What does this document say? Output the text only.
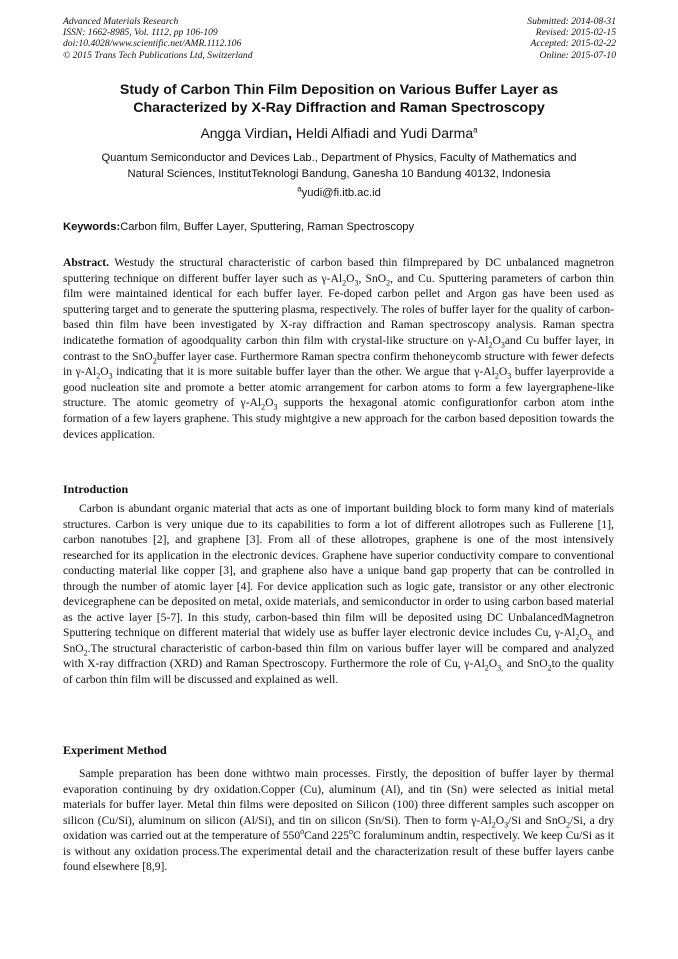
Advanced Materials Research
ISSN: 1662-8985, Vol. 1112, pp 106-109
doi:10.4028/www.scientific.net/AMR.1112.106
© 2015 Trans Tech Publications Ltd, Switzerland
Submitted: 2014-08-31
Revised: 2015-02-15
Accepted: 2015-02-22
Online: 2015-07-10
Study of Carbon Thin Film Deposition on Various Buffer Layer as
Characterized by X-Ray Diffraction and Raman Spectroscopy
Angga Virdian, Heldi Alfiadi and Yudi Darma$^a$
Quantum Semiconductor and Devices Lab., Department of Physics, Faculty of Mathematics and
Natural Sciences, InstitutTeknologi Bandung, Ganesha 10 Bandung 40132, Indonesia
$^a$yudi@fi.itb.ac.id
Keywords:Carbon film, Buffer Layer, Sputtering, Raman Spectroscopy
Abstract. Westudy the structural characteristic of carbon based thin filmprepared by DC unbalanced magnetron sputtering technique on different buffer layer such as $\gamma-Al_2O_3$, SnO$_2$, and Cu. Sputtering parameters of carbon thin film were maintained identical for each buffer layer. Fe-doped carbon pellet and Argon gas have been used as sputtering target and to generate the sputtering plasma, respectively. The roles of buffer layer for the quality of carbon-based thin film have been investigated by X-ray diffraction and Raman spectroscopy analysis. Raman spectra indicatethe formation of agoodquality carbon thin film with crystal-like structure on $\gamma-Al_2O_3and$ Cu buffer layer, in contrast to the SnO$_2$buffer layer case. Furthermore Raman spectra confirm thehoneycomb structure with fewer defects in $\gamma-Al_2O_3$ indicating that it is more suitable buffer layer than the other. We argue that $\gamma-Al_2O_3$ buffer layerprovide a good nucleation site and promote a better atomic arrangement for carbon atoms to form a few layergraphene-like structure. The atomic geometry of $\gamma-Al_2O_3$ supports the hexagonal atomic configurationfor carbon atom inthe formation of a few layers graphene. This study mightgive a new approach for the carbon based deposition towards the devices application.
Introduction
Carbon is abundant organic material that acts as one of important building block to form many kind of materials structures. Carbon is very unique due to its capabilities to form a lot of different allotropes such as Fullerene [1], carbon nanotubes [2], and graphene [3]. From all of these allotropes, graphene is one of the most intensively researched for its application in the electronic devices. Graphene have superior conductivity compare to conventional conducting material like copper [3], and graphene also have a unique band gap property that can be controlled in through the number of atomic layer [4]. For device application such as logic gate, transistor or any other electronic devicegraphene can be deposited on metal, oxide materials, and semiconductor in order to using carbon based material as the active layer [5-7]. In this study, carbon-based thin film will be deposited using DC UnbalancedMagnetron Sputtering technique on different material that widely use as buffer layer electronic device includes Cu, $\gamma-Al_2O_{3,}$ and SnO$_2$.The structural characteristic of carbon-based thin film on various buffer layer will be compared and analyzed with X-ray diffraction (XRD) and Raman Spectroscopy. Furthermore the role of Cu, $\gamma-Al_2O_{3,}$ and SnO$_2$to the quality of carbon thin film will be discussed and explained as well.
Experiment Method
Sample preparation has been done withtwo main processes. Firstly, the deposition of buffer layer by thermal evaporation continuing by dry oxidation.Copper (Cu), aluminum (Al), and tin (Sn) were selected as initial metal materials for buffer layer. Metal thin films were deposited on Silicon (100) three different samples such ascopper on silicon (Cu/Si), aluminum on silicon (Al/Si), and tin on silicon (Sn/Si). Then to form $\gamma-Al_2O_3/Si$ and SnO$_2$/Si, a dry oxidation was carried out at the temperature of 550$^o$Cand 225$^o$C foraluminum andtin, respectively. We keep Cu/Si as it is without any oxidation process.The experimental detail and the characterization result of these buffer layers canbe found elsewhere [8,9].
